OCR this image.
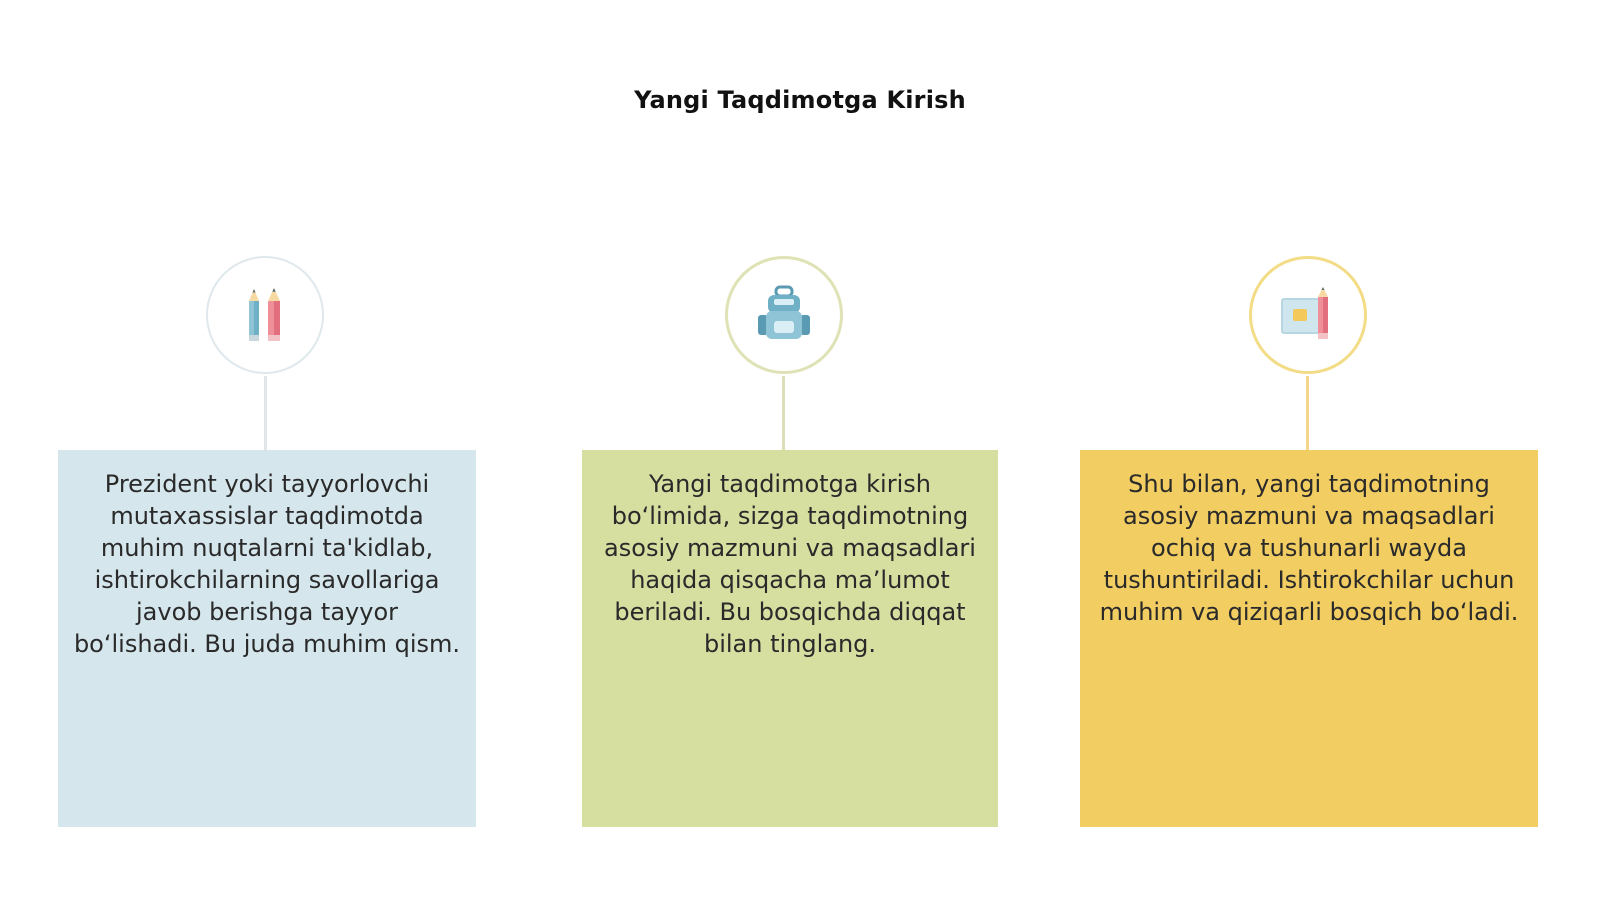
Yangi Taqdimotga Kirish
Prezident yoki tayyorlovchi mutaxassislar taqdimotda muhim nuqtalarni ta'kidlab, ishtirokchilarning savollariga javob berishga tayyor bo‘lishadi. Bu juda muhim qism.
Yangi taqdimotga kirish bo‘limida, sizga taqdimotning asosiy mazmuni va maqsadlari haqida qisqacha ma’lumot beriladi. Bu bosqichda diqqat bilan tinglang.
Shu bilan, yangi taqdimotning asosiy mazmuni va maqsadlari ochiq va tushunarli wayda tushuntiriladi. Ishtirokchilar uchun muhim va qiziqarli bosqich bo‘ladi.
